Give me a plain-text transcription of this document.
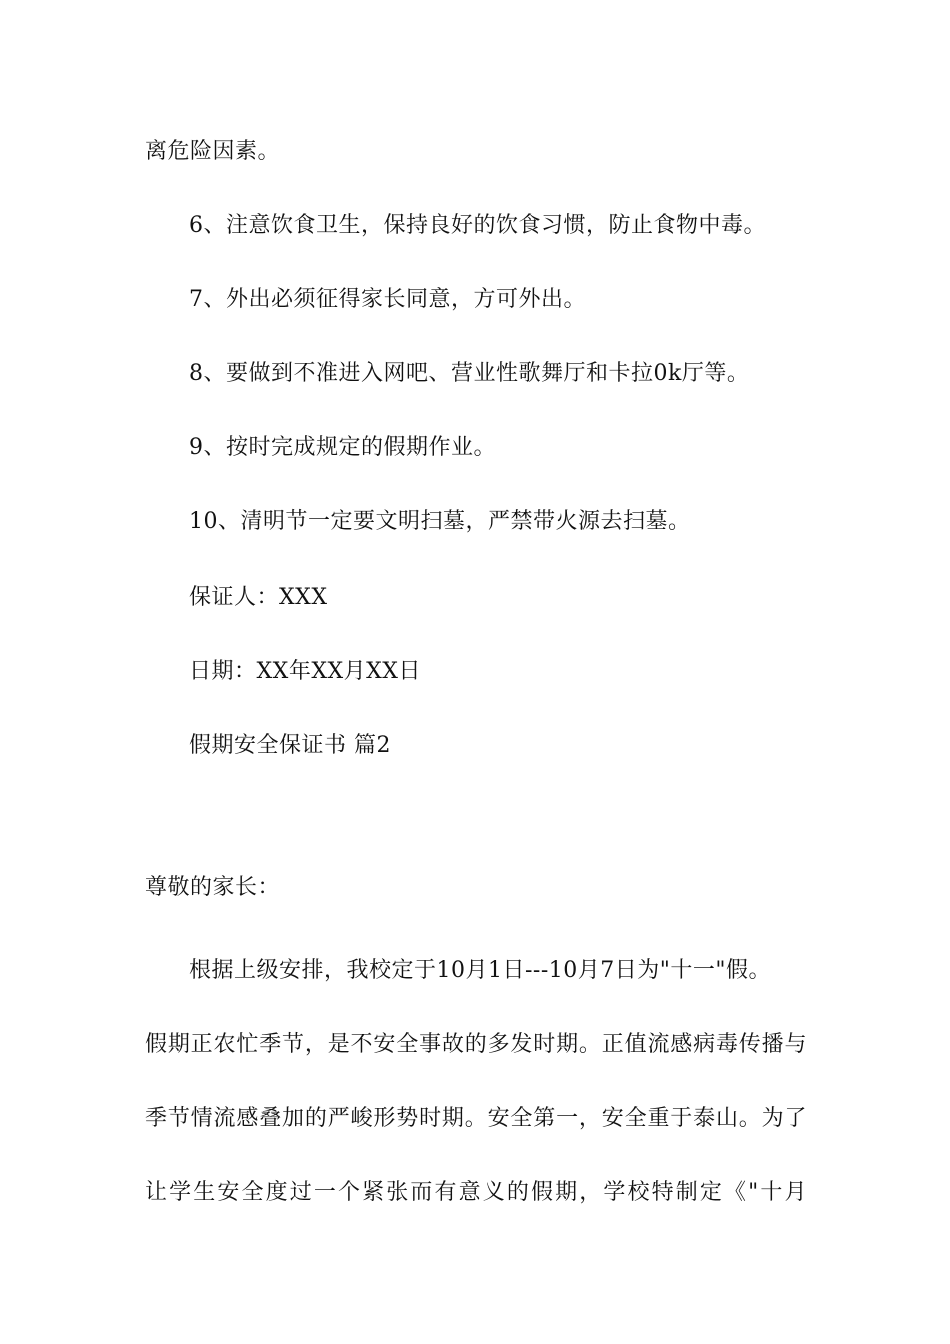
离危险因素。
6、注意饮食卫生，保持良好的饮食习惯，防止食物中毒。
7、外出必须征得家长同意，方可外出。
8、要做到不准进入网吧、营业性歌舞厅和卡拉0k厅等。
9、按时完成规定的假期作业。
10、清明节一定要文明扫墓，严禁带火源去扫墓。
保证人：XXX
日期：XX年XX月XX日
假期安全保证书 篇2
尊敬的家长：
根据上级安排，我校定于10月1日---10月7日为"十一"假。
假期正农忙季节，是不安全事故的多发时期。正值流感病毒传播与
季节情流感叠加的严峻形势时期。安全第一，安全重于泰山。为了
让学生安全度过一个紧张而有意义的假期，学校特制定《"十月
